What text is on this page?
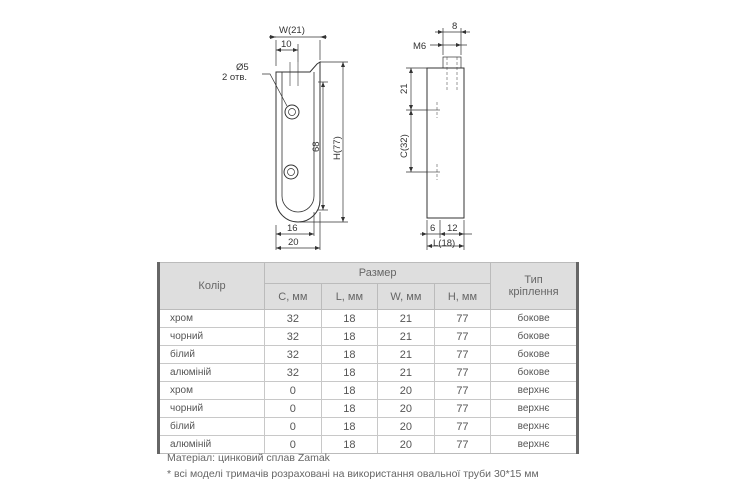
W(21)
10
Ø5
2 отв.
68 H(77)
16
20
M6
8
21
C(32)
6 12
L(18)
Колір	Размер				Тип
кріплення
	C, мм	L, мм	W, мм	H, мм	
хром	32	18	21	77	бокове
чорний	32	18	21	77	бокове
білий	32	18	21	77	бокове
алюміній	32	18	21	77	бокове
хром	0	18	20	77	верхнє
чорний	0	18	20	77	верхнє
білий	0	18	20	77	верхнє
алюміній	0	18	20	77	верхнє
Матеріал: цинковий сплав Zamak
* всі моделі тримачів розраховані на використання овальної труби 30*15 мм
